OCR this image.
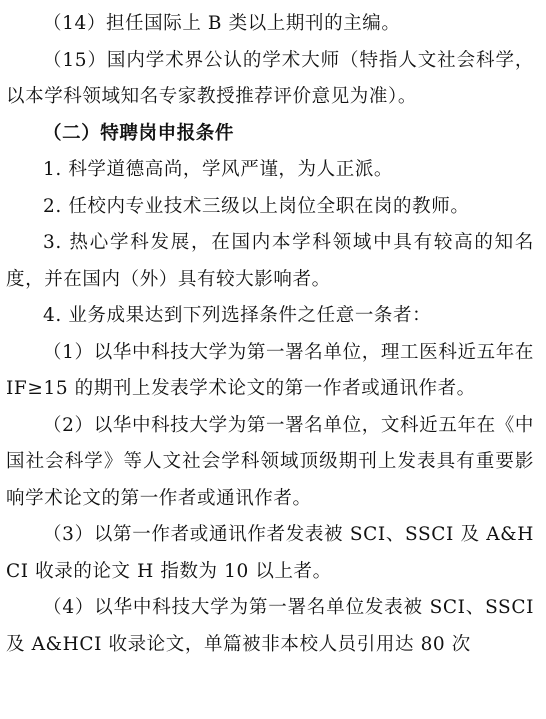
（14）担任国际上 B 类以上期刊的主编。

（15）国内学术界公认的学术大师（特指人文社会科学，以本学科领域知名专家教授推荐评价意见为准）。

（二）特聘岗申报条件

1. 科学道德高尚，学风严谨，为人正派。

2. 任校内专业技术三级以上岗位全职在岗的教师。

3. 热心学科发展，在国内本学科领域中具有较高的知名度，并在国内（外）具有较大影响者。

4. 业务成果达到下列选择条件之任意一条者：

（1）以华中科技大学为第一署名单位，理工医科近五年在 IF≥15 的期刊上发表学术论文的第一作者或通讯作者。

（2）以华中科技大学为第一署名单位，文科近五年在《中国社会科学》等人文社会学科领域顶级期刊上发表具有重要影响学术论文的第一作者或通讯作者。

（3）以第一作者或通讯作者发表被 SCI、SSCI 及 A&HCI 收录的论文 H 指数为 10 以上者。

（4）以华中科技大学为第一署名单位发表被 SCI、SSCI 及 A&HCI 收录论文，单篇被非本校人员引用达 80 次
